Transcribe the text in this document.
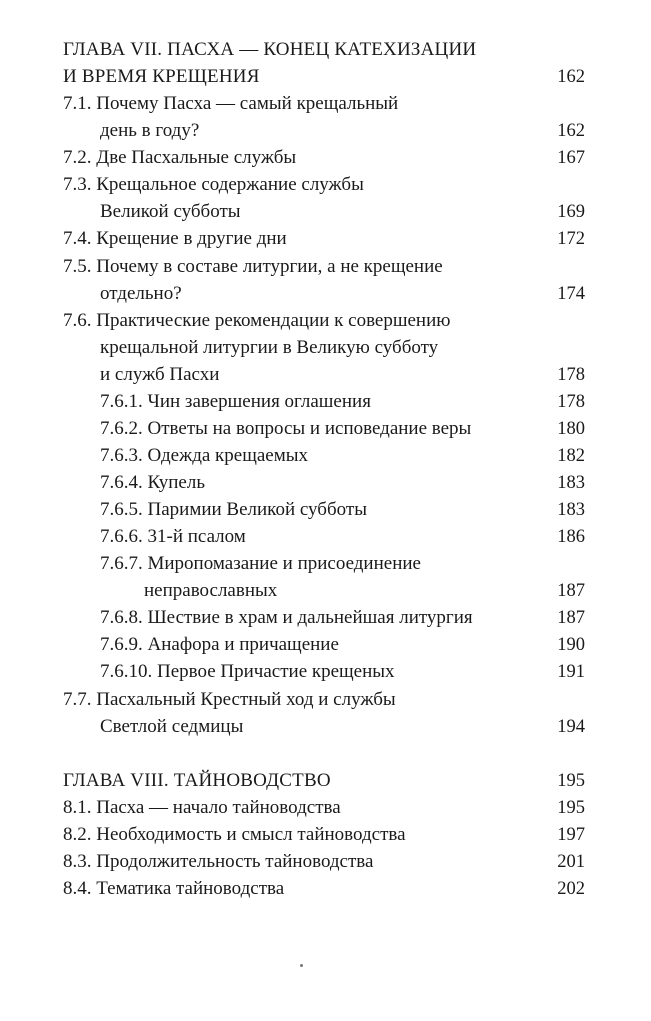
ГЛАВА VII. ПАСХА — КОНЕЦ КАТЕХИЗАЦИИ
И ВРЕМЯ КРЕЩЕНИЯ	162
7.1. Почему Пасха — самый крещальный
день в году?	162
7.2. Две Пасхальные службы	167
7.3. Крещальное содержание службы
Великой субботы	169
7.4. Крещение в другие дни	172
7.5. Почему в составе литургии, а не крещение
отдельно?	174
7.6. Практические рекомендации к совершению
крещальной литургии в Великую субботу
и служб Пасхи	178
7.6.1. Чин завершения оглашения	178
7.6.2. Ответы на вопросы и исповедание веры	180
7.6.3. Одежда крещаемых	182
7.6.4. Купель	183
7.6.5. Паримии Великой субботы	183
7.6.6. 31-й псалом	186
7.6.7. Миропомазание и присоединение
неправославных	187
7.6.8. Шествие в храм и дальнейшая литургия	187
7.6.9. Анафора и причащение	190
7.6.10. Первое Причастие крещеных	191
7.7. Пасхальный Крестный ход и службы
Светлой седмицы	194
ГЛАВА VIII. ТАЙНОВОДСТВО	195
8.1. Пасха — начало тайноводства	195
8.2. Необходимость и смысл тайноводства	197
8.3. Продолжительность тайноводства	201
8.4. Тематика тайноводства	202
